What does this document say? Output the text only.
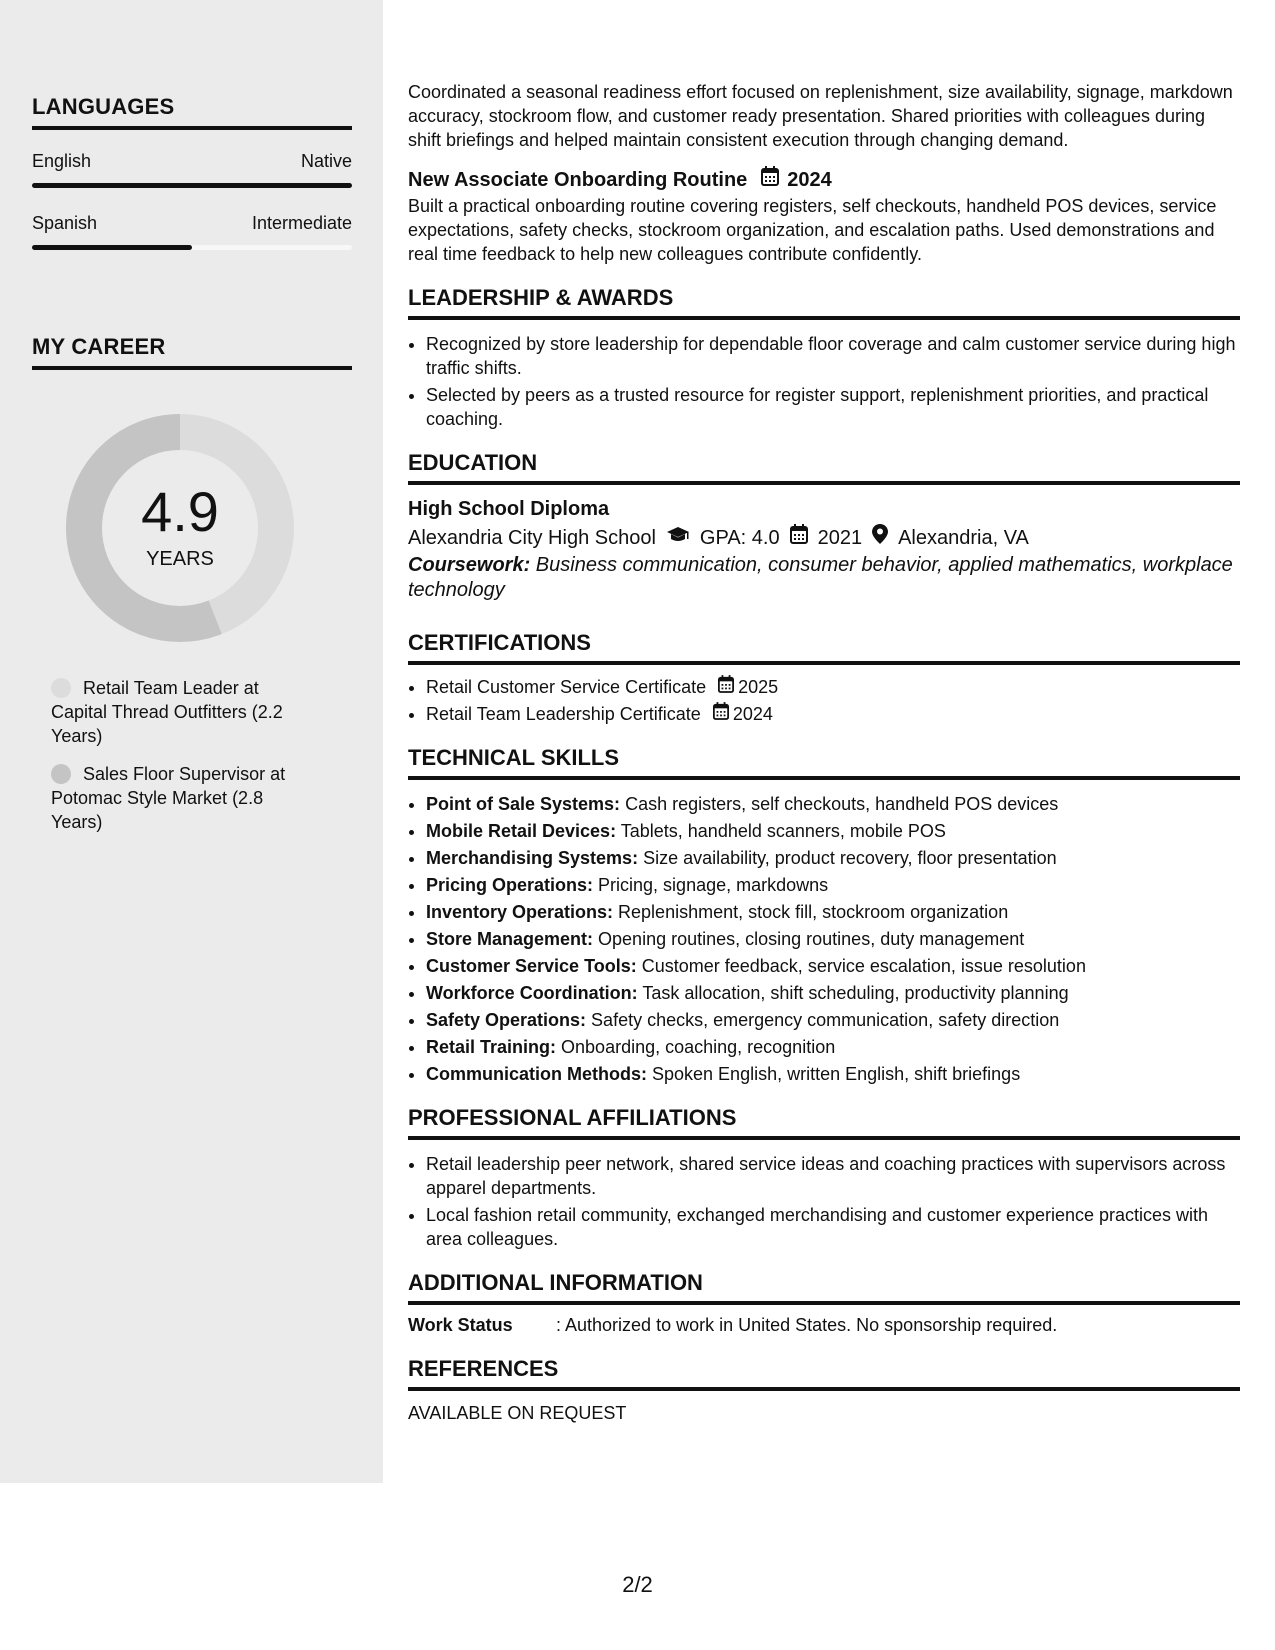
LANGUAGES
English	Native
Spanish	Intermediate
MY CAREER
4.9
YEARS
Retail Team Leader at Capital Thread Outfitters (2.2 Years)
Sales Floor Supervisor at Potomac Style Market (2.8 Years)

Coordinated a seasonal readiness effort focused on replenishment, size availability, signage, markdown accuracy, stockroom flow, and customer ready presentation. Shared priorities with colleagues during shift briefings and helped maintain consistent execution through changing demand.

New Associate Onboarding Routine 2024

Built a practical onboarding routine covering registers, self checkouts, handheld POS devices, service expectations, safety checks, stockroom organization, and escalation paths. Used demonstrations and real time feedback to help new colleagues contribute confidently.

LEADERSHIP & AWARDS
• Recognized by store leadership for dependable floor coverage and calm customer service during high traffic shifts.
• Selected by peers as a trusted resource for register support, replenishment priorities, and practical coaching.
EDUCATION
High School Diploma
Alexandria City High School GPA: 4.0 2021 Alexandria, VA
Coursework: Business communication, consumer behavior, applied mathematics, workplace technology
CERTIFICATIONS
• Retail Customer Service Certificate 2025
• Retail Team Leadership Certificate 2024
TECHNICAL SKILLS
• Point of Sale Systems: Cash registers, self checkouts, handheld POS devices
• Mobile Retail Devices: Tablets, handheld scanners, mobile POS
• Merchandising Systems: Size availability, product recovery, floor presentation
• Pricing Operations: Pricing, signage, markdowns
• Inventory Operations: Replenishment, stock fill, stockroom organization
• Store Management: Opening routines, closing routines, duty management
• Customer Service Tools: Customer feedback, service escalation, issue resolution
• Workforce Coordination: Task allocation, shift scheduling, productivity planning
• Safety Operations: Safety checks, emergency communication, safety direction
• Retail Training: Onboarding, coaching, recognition
• Communication Methods: Spoken English, written English, shift briefings
PROFESSIONAL AFFILIATIONS
• Retail leadership peer network, shared service ideas and coaching practices with supervisors across apparel departments.
• Local fashion retail community, exchanged merchandising and customer experience practices with area colleagues.
ADDITIONAL INFORMATION
Work Status	: Authorized to work in United States. No sponsorship required.
REFERENCES
AVAILABLE ON REQUEST
2/2
